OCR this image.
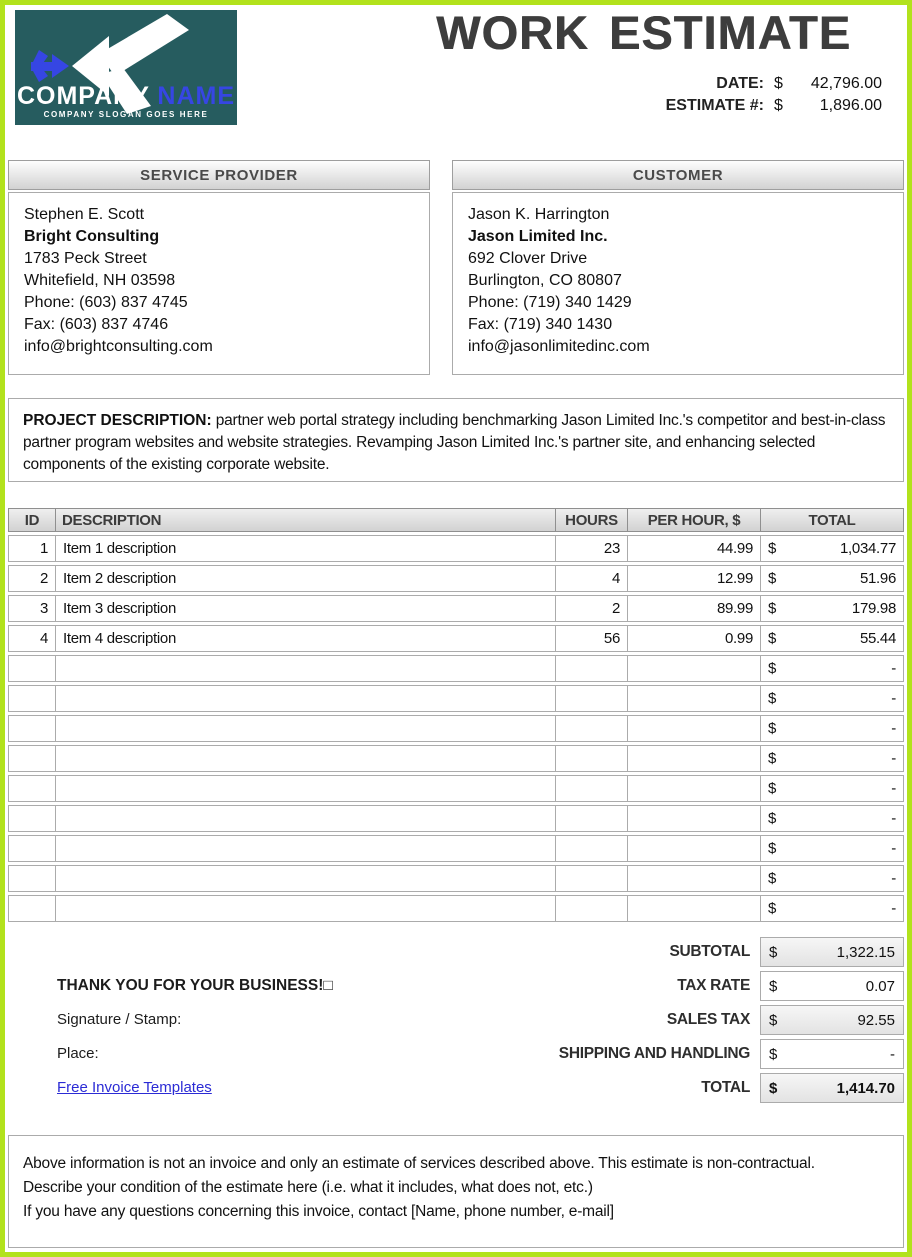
COMPANY NAME
COMPANY SLOGAN GOES HERE
WORK ESTIMATE
DATE: $	42,796.00
ESTIMATE #: $	1,896.00
SERVICE PROVIDER
Stephen E. Scott
Bright Consulting
1783 Peck Street
Whitefield, NH 03598
Phone: (603) 837 4745
Fax: (603) 837 4746
info@brightconsulting.com
CUSTOMER
Jason K. Harrington
Jason Limited Inc.
692 Clover Drive
Burlington, CO 80807
Phone: (719) 340 1429
Fax: (719) 340 1430
info@jasonlimitedinc.com
PROJECT DESCRIPTION: partner web portal strategy including benchmarking Jason Limited Inc.'s competitor and best-in-class partner program websites and website strategies. Revamping Jason Limited Inc.'s partner site, and enhancing selected components of the existing corporate website.
ID	DESCRIPTION	HOURS	PER HOUR, $	TOTAL
1	Item 1 description	23	44.99	$ 1,034.77

2	Item 2 description	4	12.99	$ 51.96

3	Item 3 description	2	89.99	$ 179.98

4	Item 4 description	56	0.99	$ 55.44

				$ -

				$ -

				$ -

				$ -

				$ -

				$ -

				$ -

				$ -

				$ -
SUBTOTAL $	1,322.15
TAX RATE $	0.07
SALES TAX $	92.55
SHIPPING AND HANDLING $	-
TOTAL $	1,414.70
THANK YOU FOR YOUR BUSINESS!□
Signature / Stamp:
Place:
Free Invoice Templates
Above information is not an invoice and only an estimate of services described above. This estimate is non-contractual.
Describe your condition of the estimate here (i.e. what it includes, what does not, etc.)
If you have any questions concerning this invoice, contact [Name, phone number, e-mail]
